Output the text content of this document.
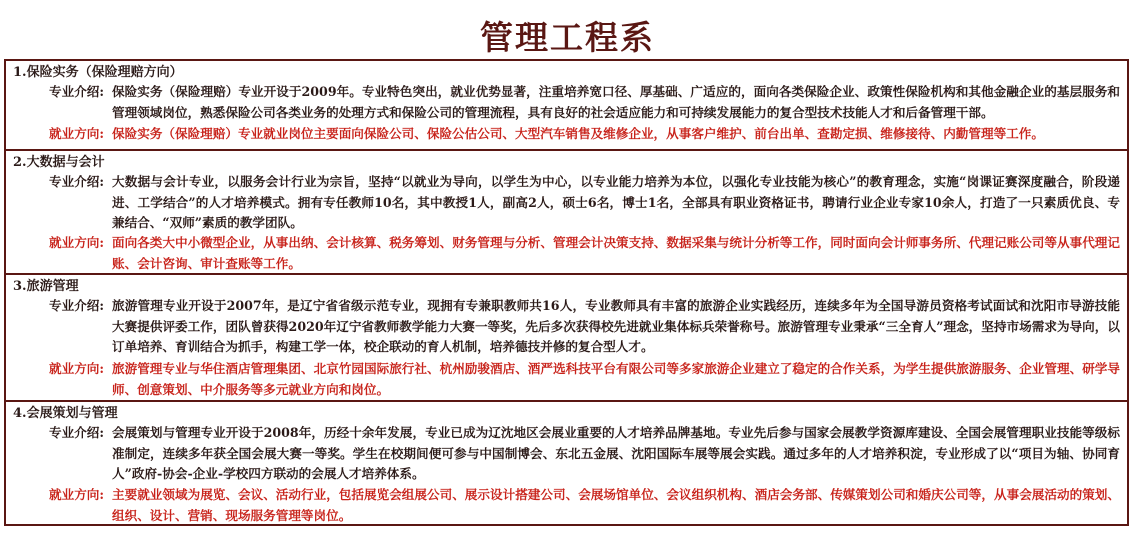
管理工程系
1.保险实务（保险理赔方向）
专业介绍: 保险实务（保险理赔）专业开设于2009年。专业特色突出，就业优势显著，注重培养宽口径、厚基础、广适应的，面向各类保险企业、政策性保险机构和其他金融企业的基层服务和管理领域岗位，熟悉保险公司各类业务的处理方式和保险公司的管理流程，具有良好的社会适应能力和可持续发展能力的复合型技术技能人才和后备管理干部。
就业方向: 保险实务（保险理赔）专业就业岗位主要面向保险公司、保险公估公司、大型汽车销售及维修企业，从事客户维护、前台出单、查勘定损、维修接待、内勤管理等工作。
2.大数据与会计
专业介绍: 大数据与会计专业，以服务会计行业为宗旨，坚持“以就业为导向，以学生为中心，以专业能力培养为本位，以强化专业技能为核心”的教育理念，实施“岗课证赛深度融合，阶段递进、工学结合”的人才培养模式。拥有专任教师10名，其中教授1人，副高2人，硕士6名，博士1名，全部具有职业资格证书，聘请行业企业专家10余人，打造了一只素质优良、专兼结合、“双师”素质的教学团队。
就业方向: 面向各类大中小微型企业，从事出纳、会计核算、税务筹划、财务管理与分析、管理会计决策支持、数据采集与统计分析等工作，同时面向会计师事务所、代理记账公司等从事代理记账、会计咨询、审计查账等工作。
3.旅游管理
专业介绍: 旅游管理专业开设于2007年，是辽宁省省级示范专业，现拥有专兼职教师共16人，专业教师具有丰富的旅游企业实践经历，连续多年为全国导游员资格考试面试和沈阳市导游技能大赛提供评委工作，团队曾获得2020年辽宁省教师教学能力大赛一等奖，先后多次获得校先进就业集体标兵荣誉称号。旅游管理专业秉承“三全育人”理念，坚持市场需求为导向，以订单培养、育训结合为抓手，构建工学一体，校企联动的育人机制，培养德技并修的复合型人才。
就业方向: 旅游管理专业与华住酒店管理集团、北京竹园国际旅行社、杭州励骏酒店、酒严选科技平台有限公司等多家旅游企业建立了稳定的合作关系，为学生提供旅游服务、企业管理、研学导师、创意策划、中介服务等多元就业方向和岗位。
4.会展策划与管理
专业介绍: 会展策划与管理专业开设于2008年，历经十余年发展，专业已成为辽沈地区会展业重要的人才培养品牌基地。专业先后参与国家会展教学资源库建设、全国会展管理职业技能等级标准制定，连续多年获全国会展大赛一等奖。学生在校期间便可参与中国制博会、东北五金展、沈阳国际车展等展会实践。通过多年的人才培养积淀，专业形成了以“项目为轴、协同育人”政府-协会-企业-学校四方联动的会展人才培养体系。
就业方向: 主要就业领域为展览、会议、活动行业，包括展览会组展公司、展示设计搭建公司、会展场馆单位、会议组织机构、酒店会务部、传媒策划公司和婚庆公司等，从事会展活动的策划、组织、设计、营销、现场服务管理等岗位。
